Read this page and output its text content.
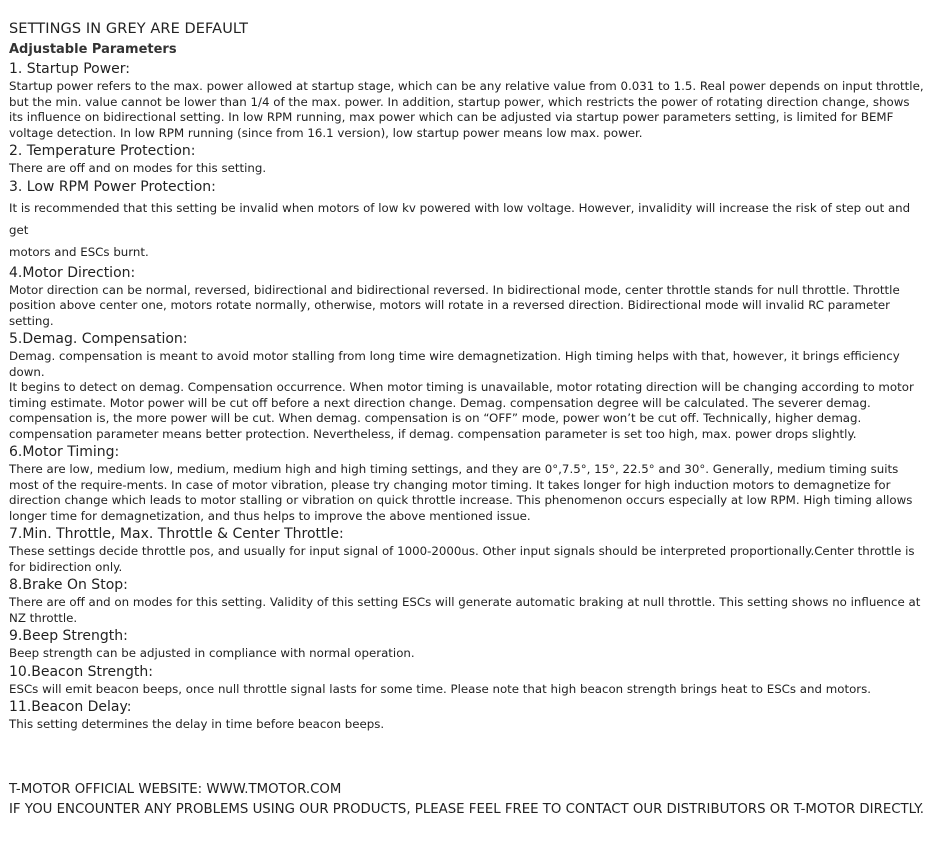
SETTINGS IN GREY ARE DEFAULT
Adjustable Parameters
1. Startup Power:
Startup power refers to the max. power allowed at startup stage, which can be any relative value from 0.031 to 1.5. Real power depends on input throttle,
but the min. value cannot be lower than 1/4 of the max. power. In addition, startup power, which restricts the power of rotating direction change, shows
its influence on bidirectional setting. In low RPM running, max power which can be adjusted via startup power parameters setting, is limited for BEMF
voltage detection. In low RPM running (since from 16.1 version), low startup power means low max. power.
2. Temperature Protection:
There are off and on modes for this setting.
3. Low RPM Power Protection:
It is recommended that this setting be invalid when motors of low kv powered with low voltage. However, invalidity will increase the risk of step out and get
motors and ESCs burnt.
4.Motor Direction:
Motor direction can be normal, reversed, bidirectional and bidirectional reversed. In bidirectional mode, center throttle stands for null throttle. Throttle
position above center one, motors rotate normally, otherwise, motors will rotate in a reversed direction. Bidirectional mode will invalid RC parameter setting.
5.Demag. Compensation:
Demag. compensation is meant to avoid motor stalling from long time wire demagnetization. High timing helps with that, however, it brings efficiency down.
It begins to detect on demag. Compensation occurrence. When motor timing is unavailable, motor rotating direction will be changing according to motor
timing estimate. Motor power will be cut off before a next direction change. Demag. compensation degree will be calculated. The severer demag.
compensation is, the more power will be cut. When demag. compensation is on “OFF” mode, power won’t be cut off. Technically, higher demag.
compensation parameter means better protection. Nevertheless, if demag. compensation parameter is set too high, max. power drops slightly.
6.Motor Timing:
There are low, medium low, medium, medium high and high timing settings, and they are 0°,7.5°, 15°, 22.5° and 30°. Generally, medium timing suits
most of the require-ments. In case of motor vibration, please try changing motor timing. It takes longer for high induction motors to demagnetize for
direction change which leads to motor stalling or vibration on quick throttle increase. This phenomenon occurs especially at low RPM. High timing allows
longer time for demagnetization, and thus helps to improve the above mentioned issue.
7.Min. Throttle, Max. Throttle & Center Throttle:
These settings decide throttle pos, and usually for input signal of 1000-2000us. Other input signals should be interpreted proportionally.Center throttle is
for bidirection only.
8.Brake On Stop:
There are off and on modes for this setting. Validity of this setting ESCs will generate automatic braking at null throttle. This setting shows no influence at
NZ throttle.
9.Beep Strength:
Beep strength can be adjusted in compliance with normal operation.
10.Beacon Strength:
ESCs will emit beacon beeps, once null throttle signal lasts for some time. Please note that high beacon strength brings heat to ESCs and motors.
11.Beacon Delay:
This setting determines the delay in time before beacon beeps.
T-MOTOR OFFICIAL WEBSITE: WWW.TMOTOR.COM
IF YOU ENCOUNTER ANY PROBLEMS USING OUR PRODUCTS, PLEASE FEEL FREE TO CONTACT OUR DISTRIBUTORS OR T-MOTOR DIRECTLY.
